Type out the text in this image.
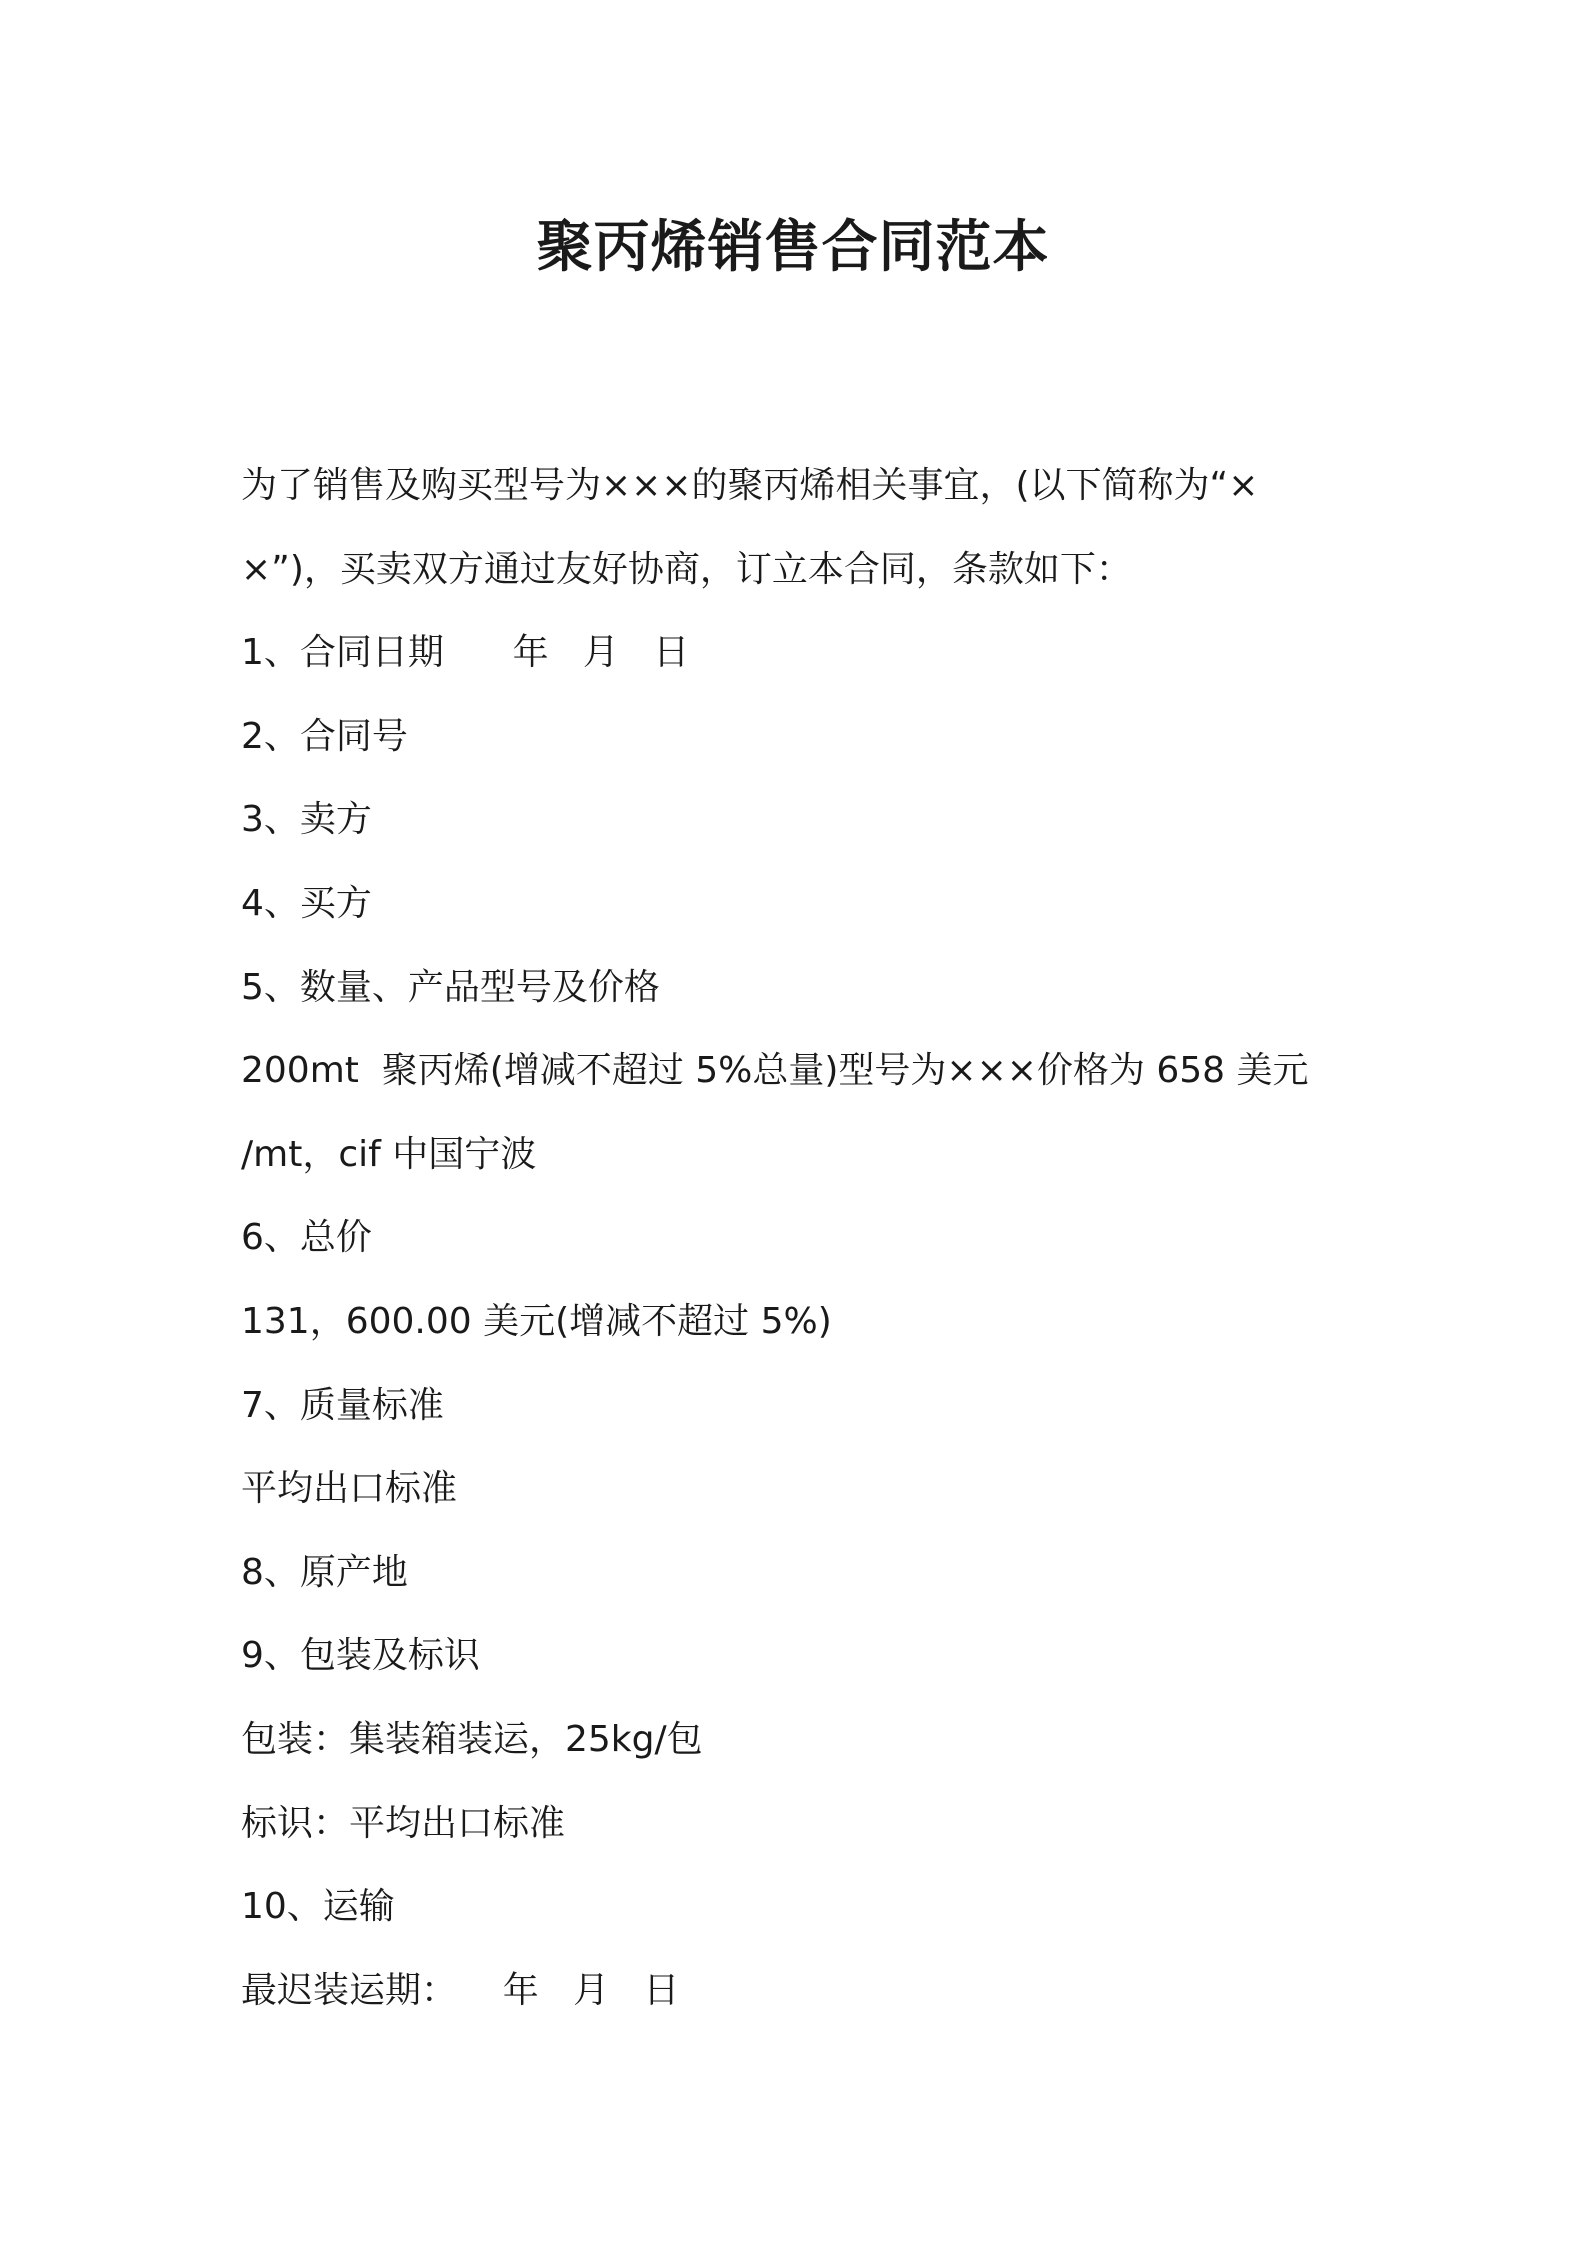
聚丙烯销售合同范本
为了销售及购买型号为×××的聚丙烯相关事宜，(以下简称为“×
×”)，买卖双方通过友好协商，订立本合同，条款如下：
1、合同日期      年   月   日
2、合同号
3、卖方
4、买方
5、数量、产品型号及价格
200mt  聚丙烯(增减不超过 5%总量)型号为×××价格为 658 美元
/mt，cif 中国宁波
6、总价
131，600.00 美元(增减不超过 5%)
7、质量标准
平均出口标准
8、原产地
9、包装及标识
包装：集装箱装运，25kg/包
标识：平均出口标准
10、运输
最迟装运期：    年   月   日
